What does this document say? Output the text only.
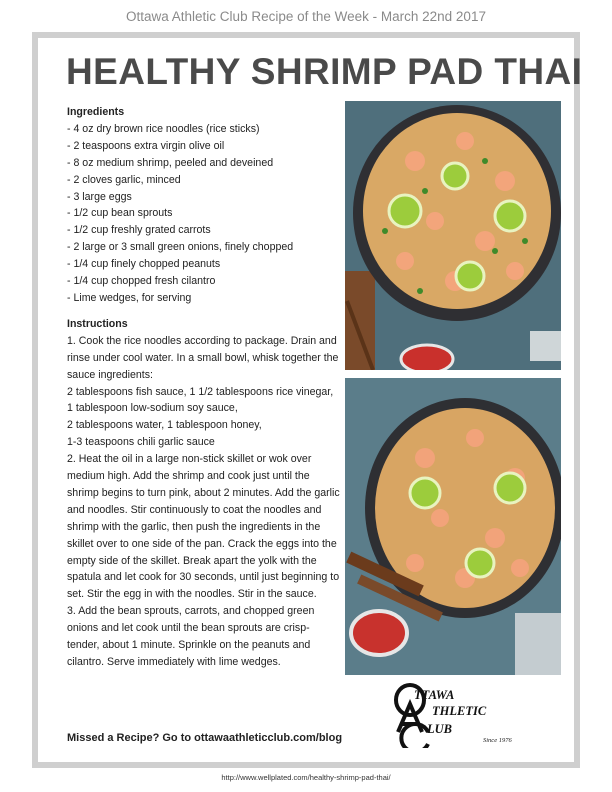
Ottawa Athletic Club Recipe of the Week - March 22nd 2017
HEALTHY SHRIMP PAD THAI
Ingredients
- 4 oz dry brown rice noodles (rice sticks)
- 2 teaspoons extra virgin olive oil
- 8 oz medium shrimp, peeled and deveined
- 2 cloves garlic, minced
- 3 large eggs
- 1/2 cup bean sprouts
- 1/2 cup freshly grated carrots
- 2 large or 3 small green onions, finely chopped
- 1/4 cup finely chopped peanuts
- 1/4 cup chopped fresh cilantro
- Lime wedges, for serving
Instructions

1. Cook the rice noodles according to package. Drain and rinse under cool water. In a small bowl, whisk together the sauce ingredients:

2 tablespoons fish sauce, 1 1/2 tablespoons rice vinegar, 1 tablespoon low-sodium soy sauce,

2 tablespoons water, 1 tablespoon honey,

1-3 teaspoons chili garlic sauce

2. Heat the oil in a large non-stick skillet or wok over medium high. Add the shrimp and cook just until the shrimp begins to turn pink, about 2 minutes. Add the garlic and noodles. Stir continuously to coat the noodles and shrimp with the garlic, then push the ingredients in the skillet over to one side of the pan. Crack the eggs into the empty side of the skillet. Break apart the yolk with the spatula and let cook for 30 seconds, until just beginning to set. Stir the egg in with the noodles. Stir in the sauce.

3. Add the bean sprouts, carrots, and chopped green onions and let cook until the bean sprouts are crisp-tender, about 1 minute. Sprinkle on the peanuts and cilantro. Serve immediately with lime wedges.

TTAWA
THLETIC
LUB
Since 1976
Missed a Recipe? Go to ottawaathleticclub.com/blog
http://www.wellplated.com/healthy-shrimp-pad-thai/
